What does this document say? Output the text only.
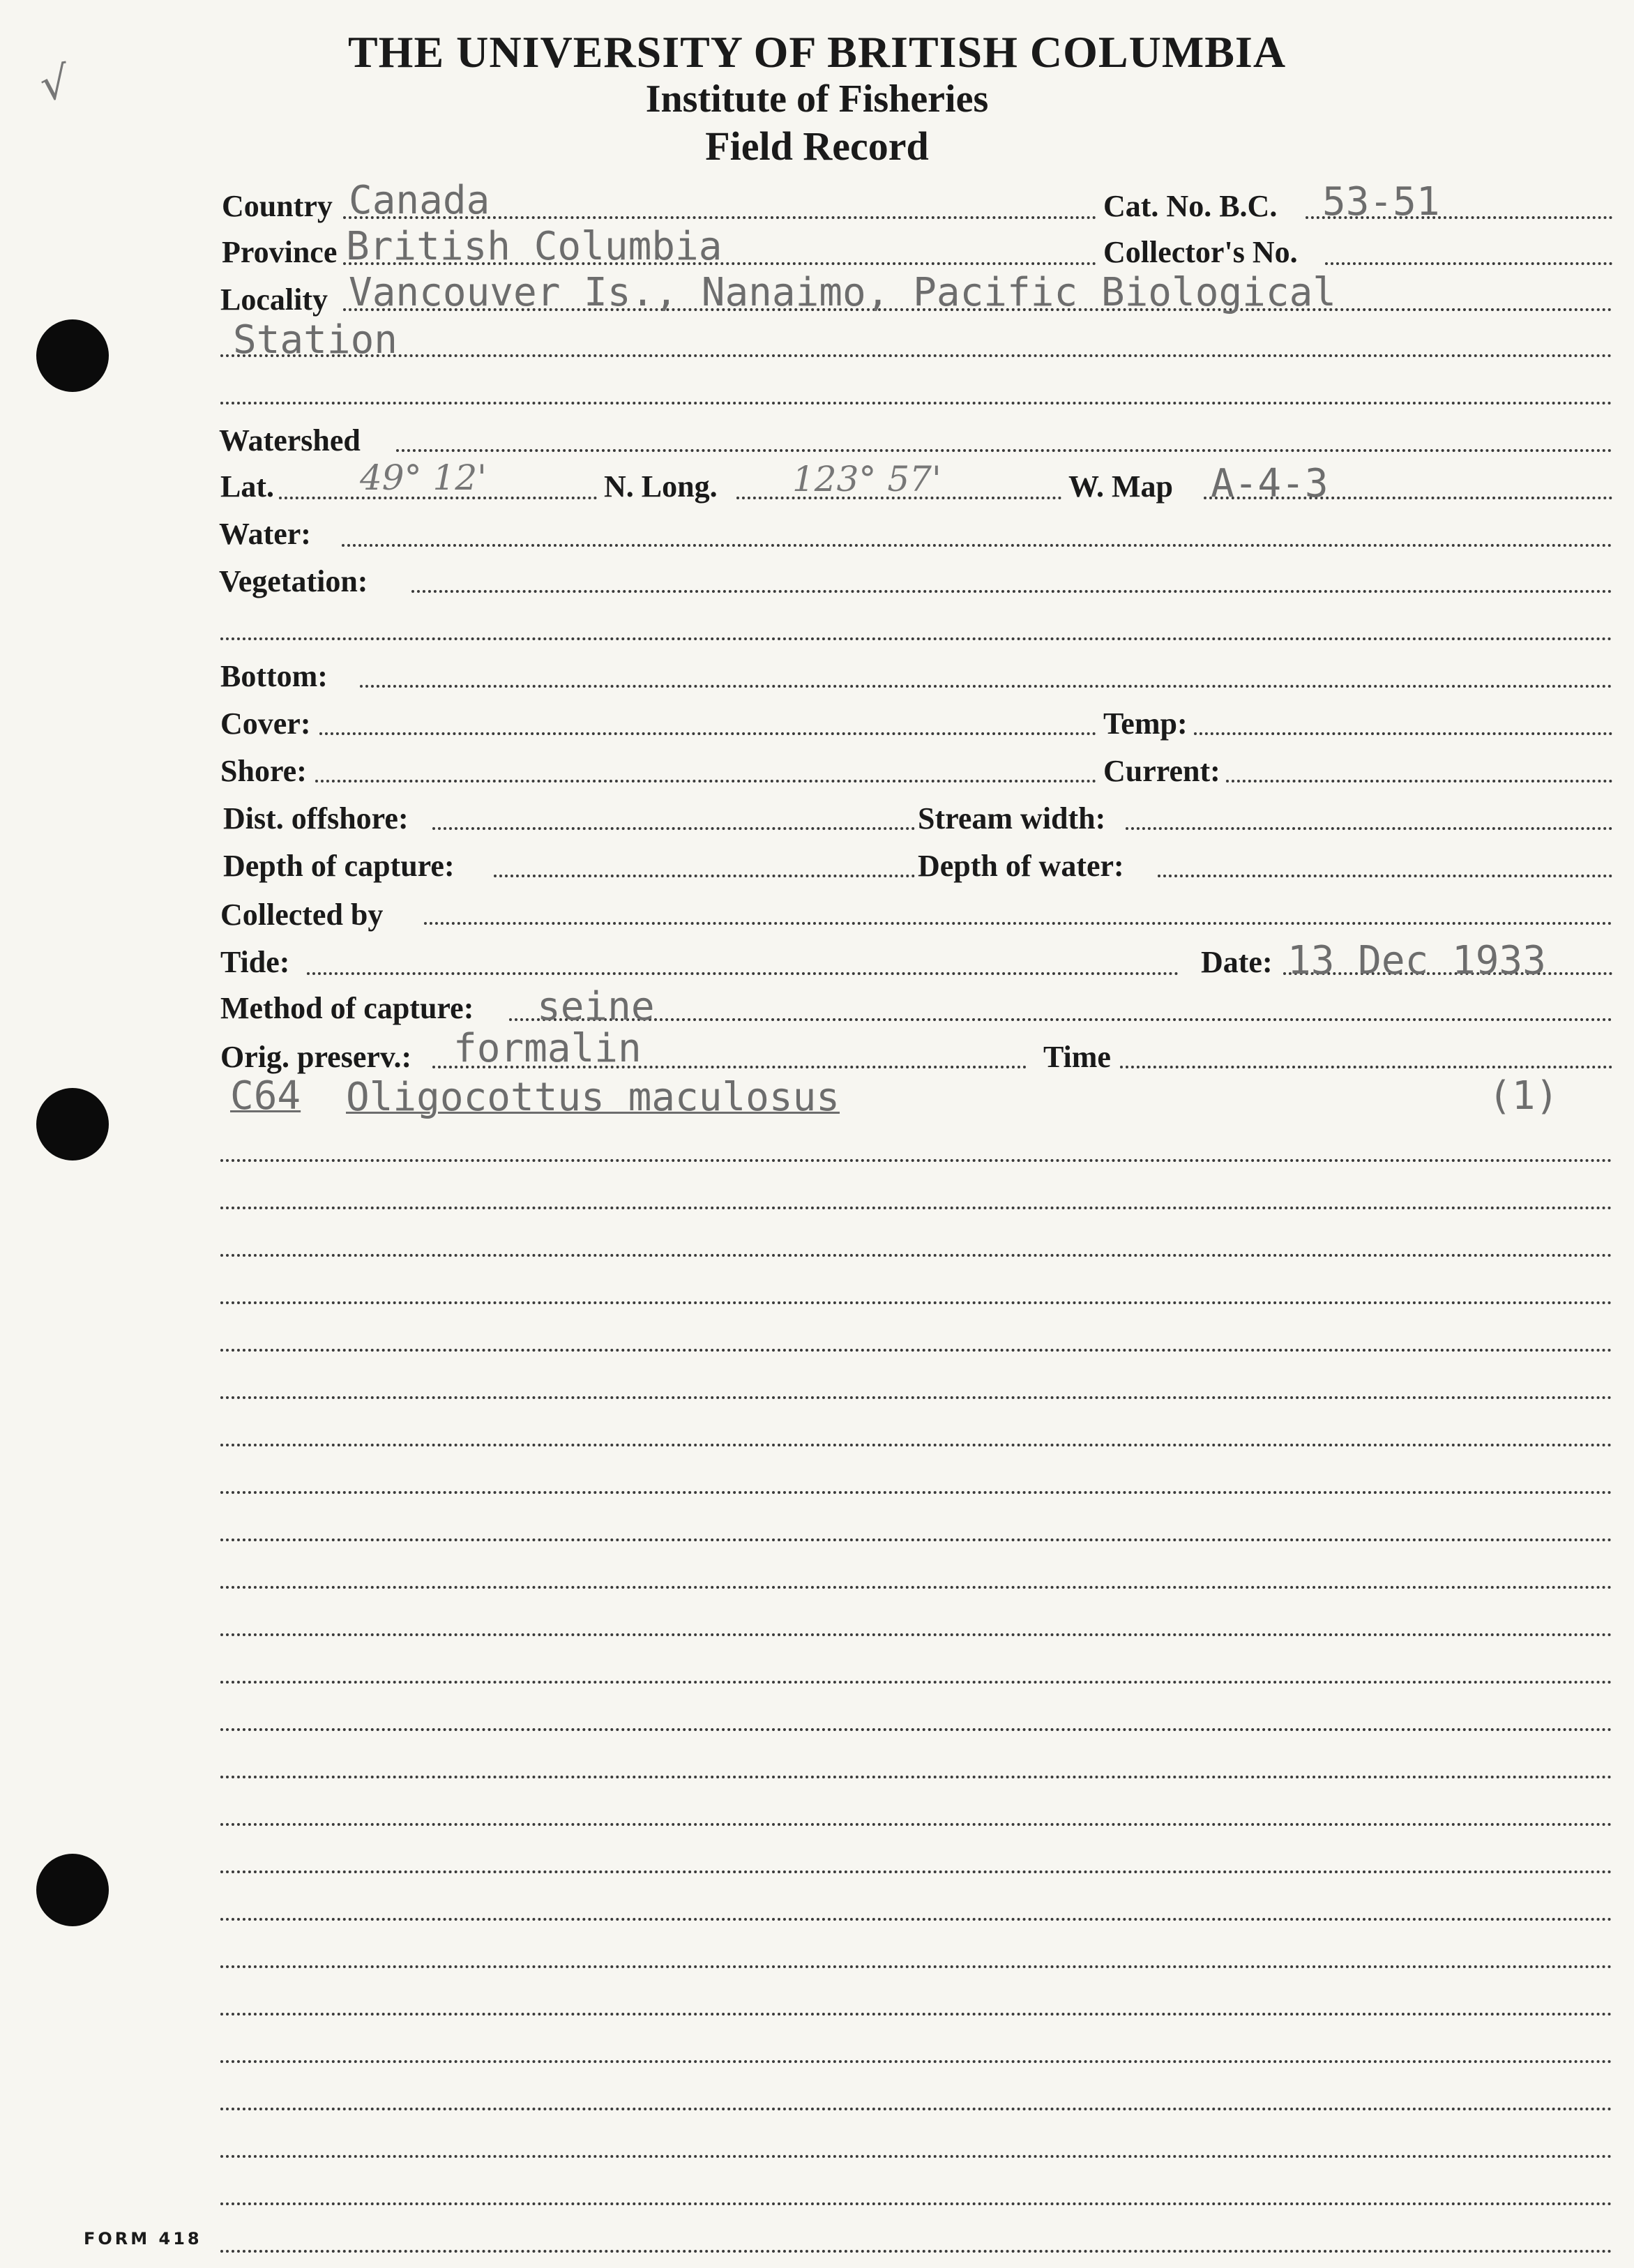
√
THE UNIVERSITY OF BRITISH COLUMBIA
Institute of Fisheries
Field Record
Country Canada	Cat. No. B.C. 53-51
Province British Columbia	Collector's No.
Locality Vancouver Is., Nanaimo, Pacific Biological
Station
Watershed
Lat. 49° 12'	N. Long. 123° 57'	W. Map A-4-3
Water:
Vegetation:
Bottom:
Cover:	Temp:
Shore:	Current:
Dist. offshore:	Stream width:
Depth of capture:	Depth of water:
Collected by
Tide:	Date: 13 Dec 1933
Method of capture: seine
Orig. preserv.: formalin	Time
C64 Oligocottus maculosus	(1)
FORM 418
